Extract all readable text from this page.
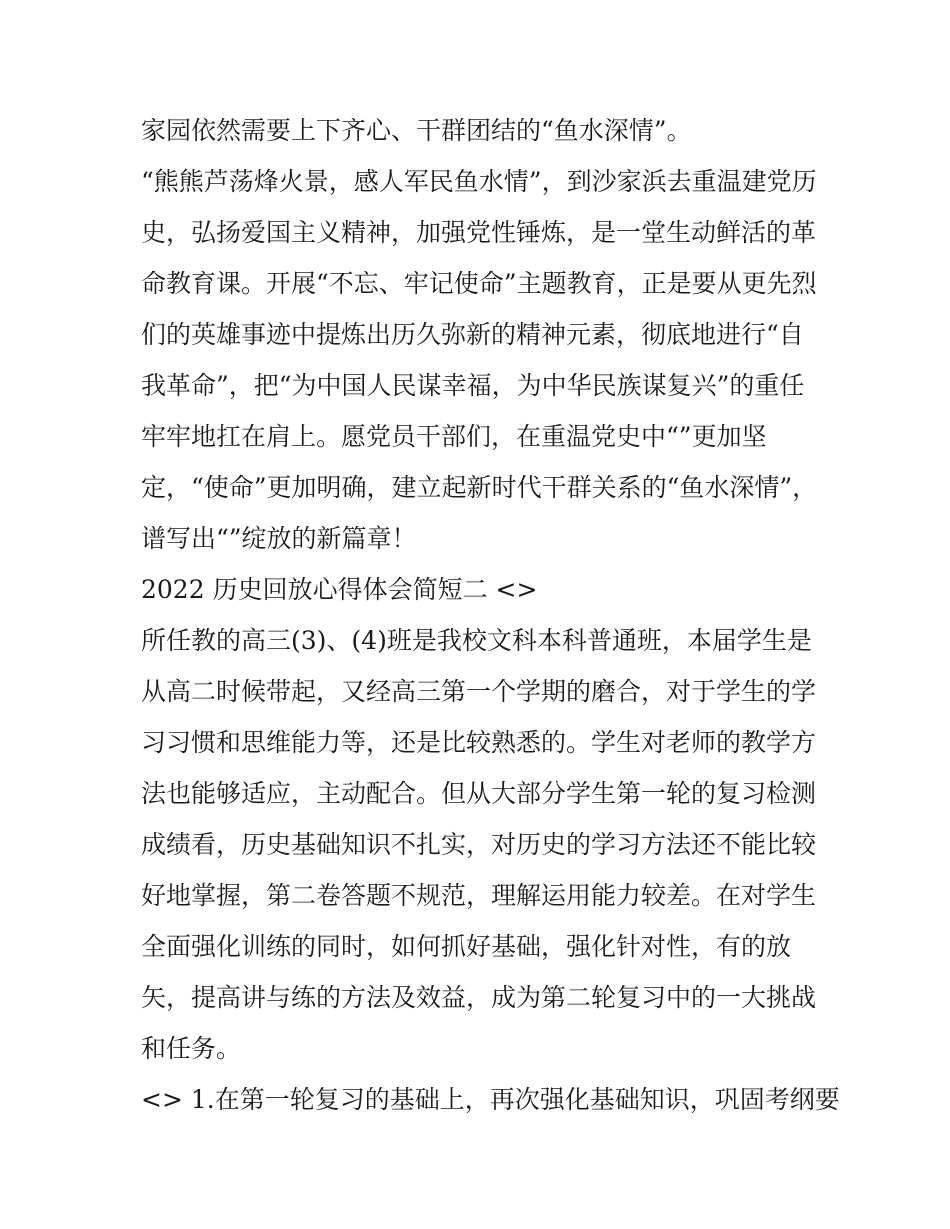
家园依然需要上下齐心、干群团结的“鱼水深情”。
“熊熊芦荡烽火景，感人军民鱼水情”，到沙家浜去重温建党历
史，弘扬爱国主义精神，加强党性锤炼，是一堂生动鲜活的革
命教育课。开展“不忘、牢记使命”主题教育，正是要从更先烈
们的英雄事迹中提炼出历久弥新的精神元素，彻底地进行“自
我革命”，把“为中国人民谋幸福，为中华民族谋复兴”的重任
牢牢地扛在肩上。愿党员干部们，在重温党史中“”更加坚
定，“使命”更加明确，建立起新时代干群关系的“鱼水深情”，
谱写出“”绽放的新篇章！
2022 历史回放心得体会简短二 <>
所任教的高三(3)、(4)班是我校文科本科普通班，本届学生是
从高二时候带起，又经高三第一个学期的磨合，对于学生的学
习习惯和思维能力等，还是比较熟悉的。学生对老师的教学方
法也能够适应，主动配合。但从大部分学生第一轮的复习检测
成绩看，历史基础知识不扎实，对历史的学习方法还不能比较
好地掌握，第二卷答题不规范，理解运用能力较差。在对学生
全面强化训练的同时，如何抓好基础，强化针对性，有的放
矢，提高讲与练的方法及效益，成为第二轮复习中的一大挑战
和任务。
<> 1.在第一轮复习的基础上，再次强化基础知识，巩固考纲要
